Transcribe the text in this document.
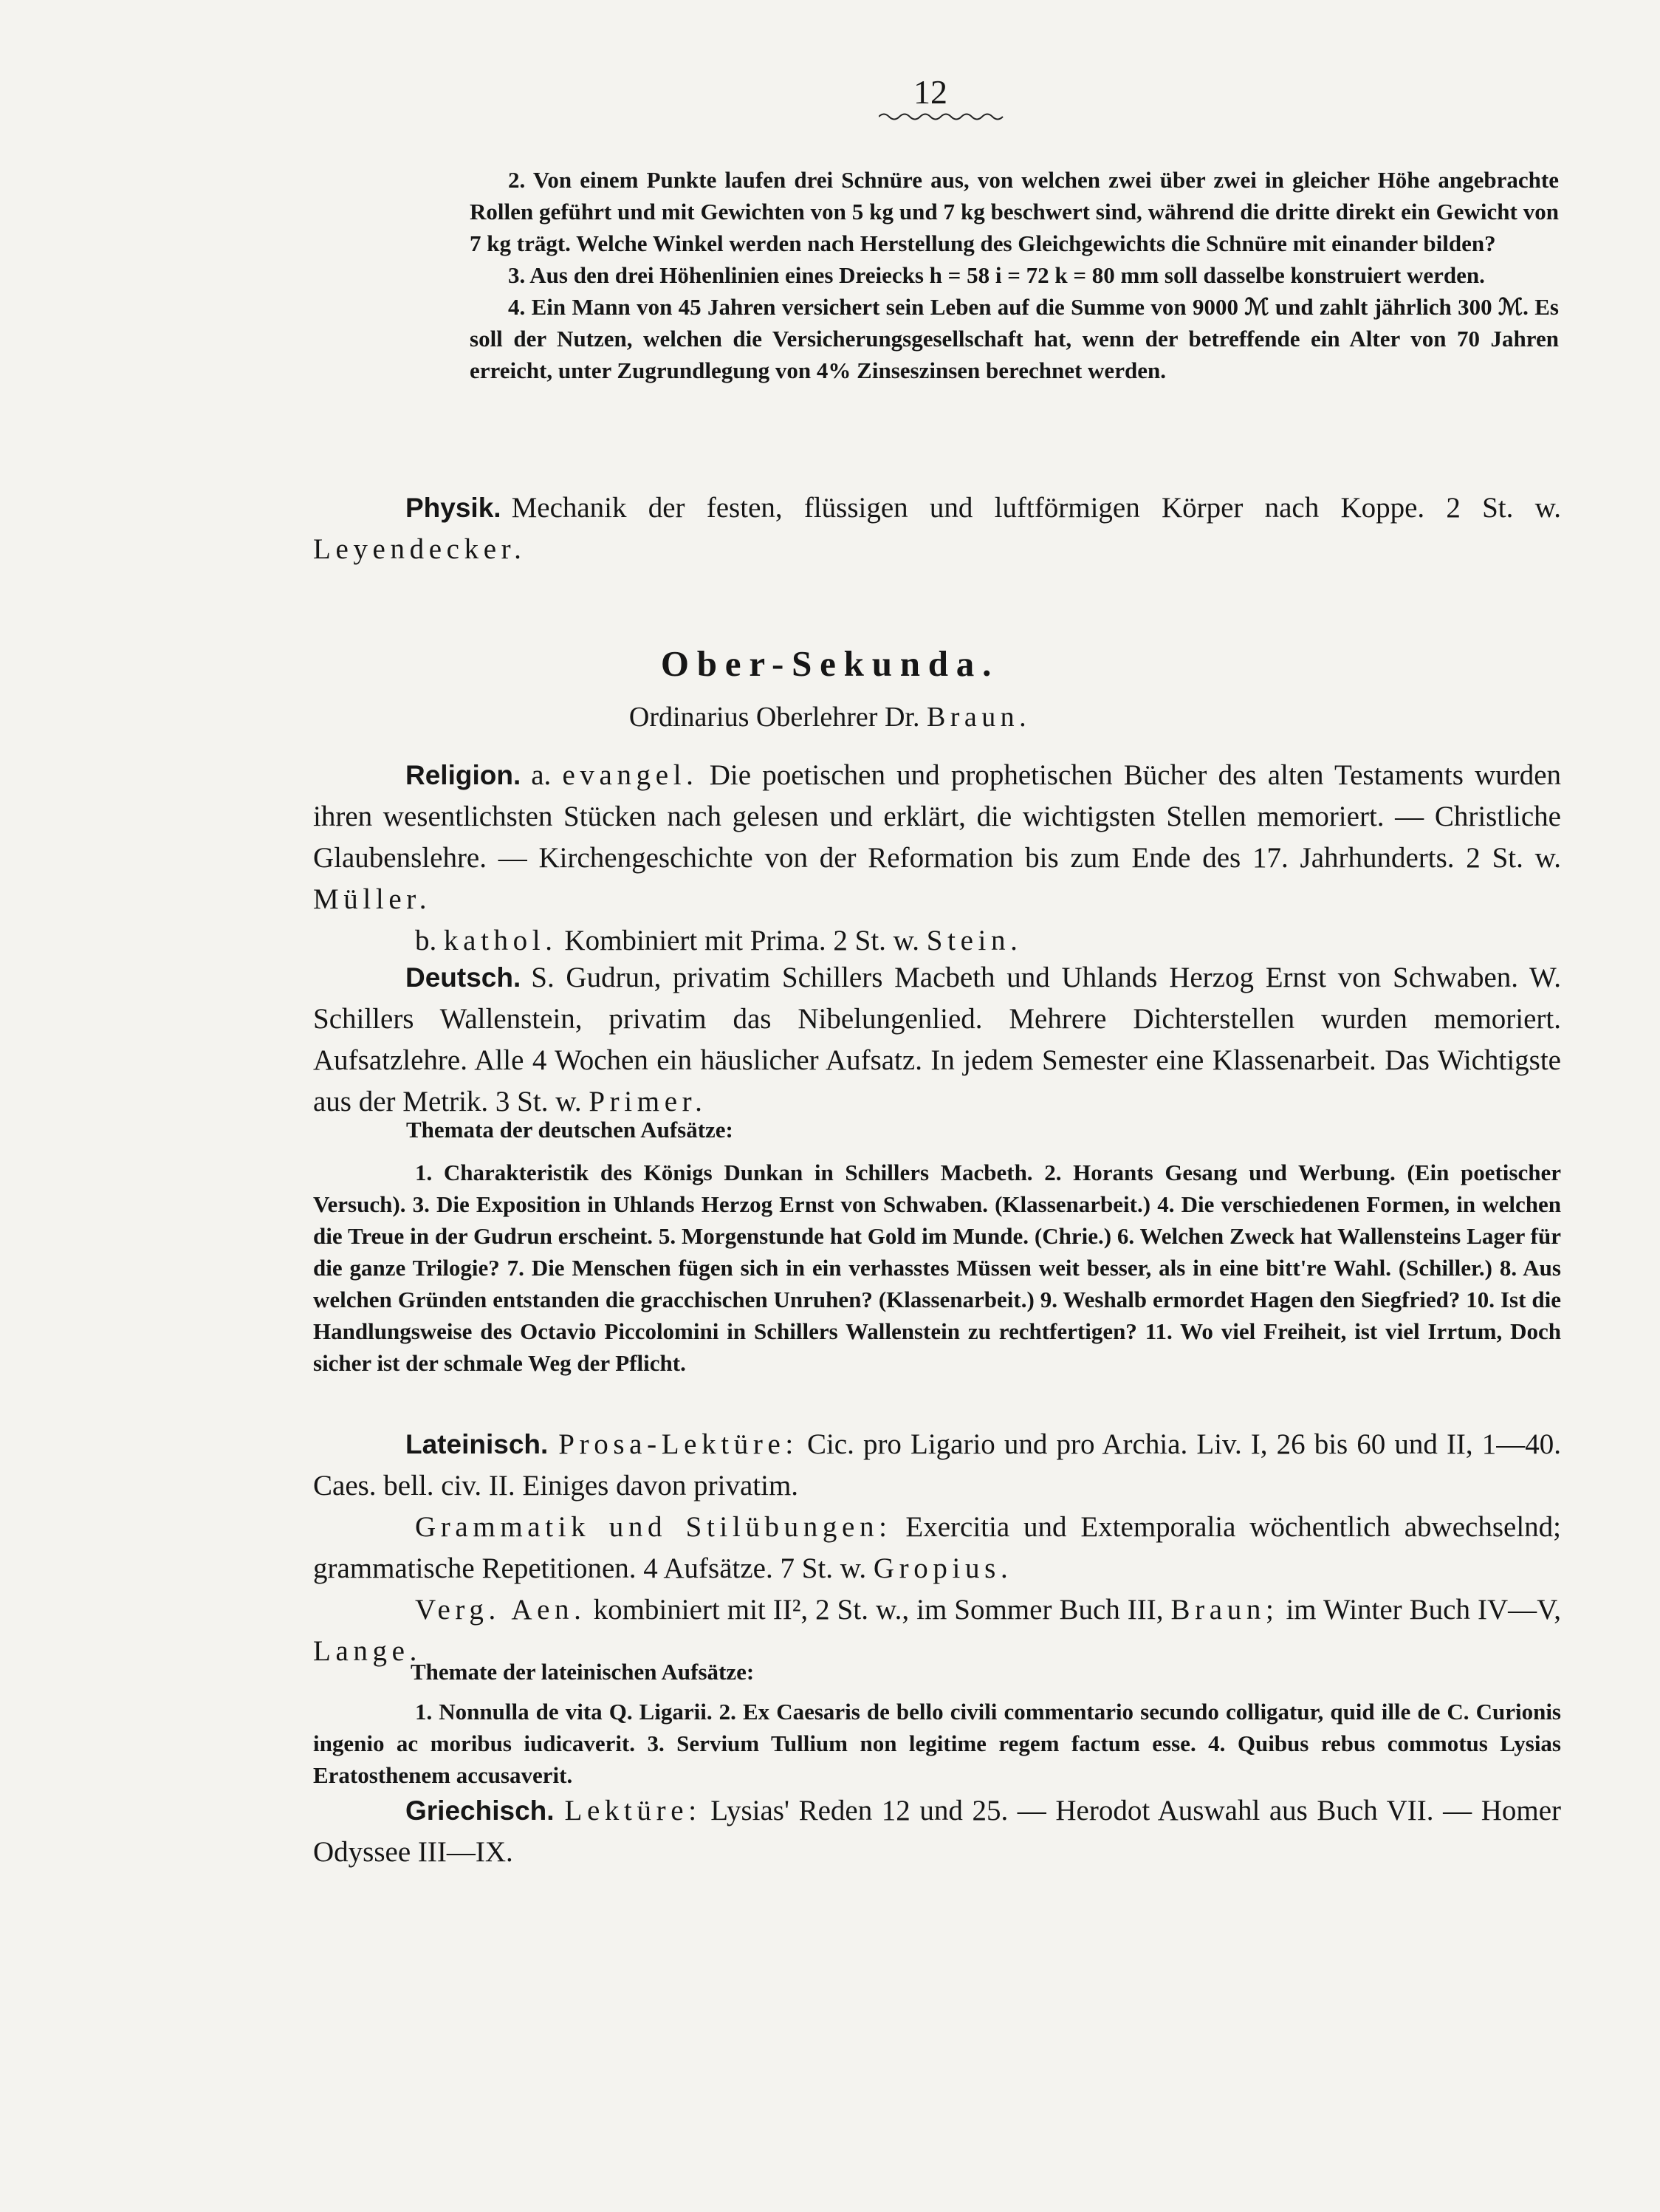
12

2. Von einem Punkte laufen drei Schnüre aus, von welchen zwei über zwei in gleicher Höhe angebrachte Rollen geführt und mit Gewichten von 5 kg und 7 kg beschwert sind, während die dritte direkt ein Gewicht von 7 kg trägt. Welche Winkel werden nach Herstellung des Gleichgewichts die Schnüre mit einander bilden?

3. Aus den drei Höhenlinien eines Dreiecks h = 58 i = 72 k = 80 mm soll dasselbe konstruiert werden.

4. Ein Mann von 45 Jahren versichert sein Leben auf die Summe von 9000 ℳ und zahlt jährlich 300 ℳ. Es soll der Nutzen, welchen die Versicherungsgesellschaft hat, wenn der betreffende ein Alter von 70 Jahren erreicht, unter Zugrundlegung von 4% Zinseszinsen berechnet werden.

Physik. Mechanik der festen, flüssigen und luftförmigen Körper nach Koppe. 2 St. w. Leyendecker.

Ober-Sekunda.
Ordinarius Oberlehrer Dr. Braun.

Religion. a. evangel. Die poetischen und prophetischen Bücher des alten Testaments wurden ihren wesentlichsten Stücken nach gelesen und erklärt, die wichtigsten Stellen memoriert. — Christliche Glaubenslehre. — Kirchengeschichte von der Reformation bis zum Ende des 17. Jahrhunderts. 2 St. w. Müller.

b. kathol. Kombiniert mit Prima. 2 St. w. Stein.

Deutsch. S. Gudrun, privatim Schillers Macbeth und Uhlands Herzog Ernst von Schwaben. W. Schillers Wallenstein, privatim das Nibelungenlied. Mehrere Dichterstellen wurden memoriert. Aufsatzlehre. Alle 4 Wochen ein häuslicher Aufsatz. In jedem Semester eine Klassenarbeit. Das Wichtigste aus der Metrik. 3 St. w. Primer.

Themata der deutschen Aufsätze:

1. Charakteristik des Königs Dunkan in Schillers Macbeth. 2. Horants Gesang und Werbung. (Ein poetischer Versuch). 3. Die Exposition in Uhlands Herzog Ernst von Schwaben. (Klassenarbeit.) 4. Die verschiedenen Formen, in welchen die Treue in der Gudrun erscheint. 5. Morgenstunde hat Gold im Munde. (Chrie.) 6. Welchen Zweck hat Wallensteins Lager für die ganze Trilogie? 7. Die Menschen fügen sich in ein verhasstes Müssen weit besser, als in eine bitt're Wahl. (Schiller.) 8. Aus welchen Gründen entstanden die gracchischen Unruhen? (Klassenarbeit.) 9. Weshalb ermordet Hagen den Siegfried? 10. Ist die Handlungsweise des Octavio Piccolomini in Schillers Wallenstein zu rechtfertigen? 11. Wo viel Freiheit, ist viel Irrtum, Doch sicher ist der schmale Weg der Pflicht.

Lateinisch. Prosa-Lektüre: Cic. pro Ligario und pro Archia. Liv. I, 26 bis 60 und II, 1—40. Caes. bell. civ. II. Einiges davon privatim.

Grammatik und Stilübungen: Exercitia und Extemporalia wöchentlich abwechselnd; grammatische Repetitionen. 4 Aufsätze. 7 St. w. Gropius.

Verg. Aen. kombiniert mit II², 2 St. w., im Sommer Buch III, Braun; im Winter Buch IV—V, Lange.

Themate der lateinischen Aufsätze:

1. Nonnulla de vita Q. Ligarii. 2. Ex Caesaris de bello civili commentario secundo colligatur, quid ille de C. Curionis ingenio ac moribus iudicaverit. 3. Servium Tullium non legitime regem factum esse. 4. Quibus rebus commotus Lysias Eratosthenem accusaverit.

Griechisch. Lektüre: Lysias' Reden 12 und 25. — Herodot Auswahl aus Buch VII. — Homer Odyssee III—IX.
